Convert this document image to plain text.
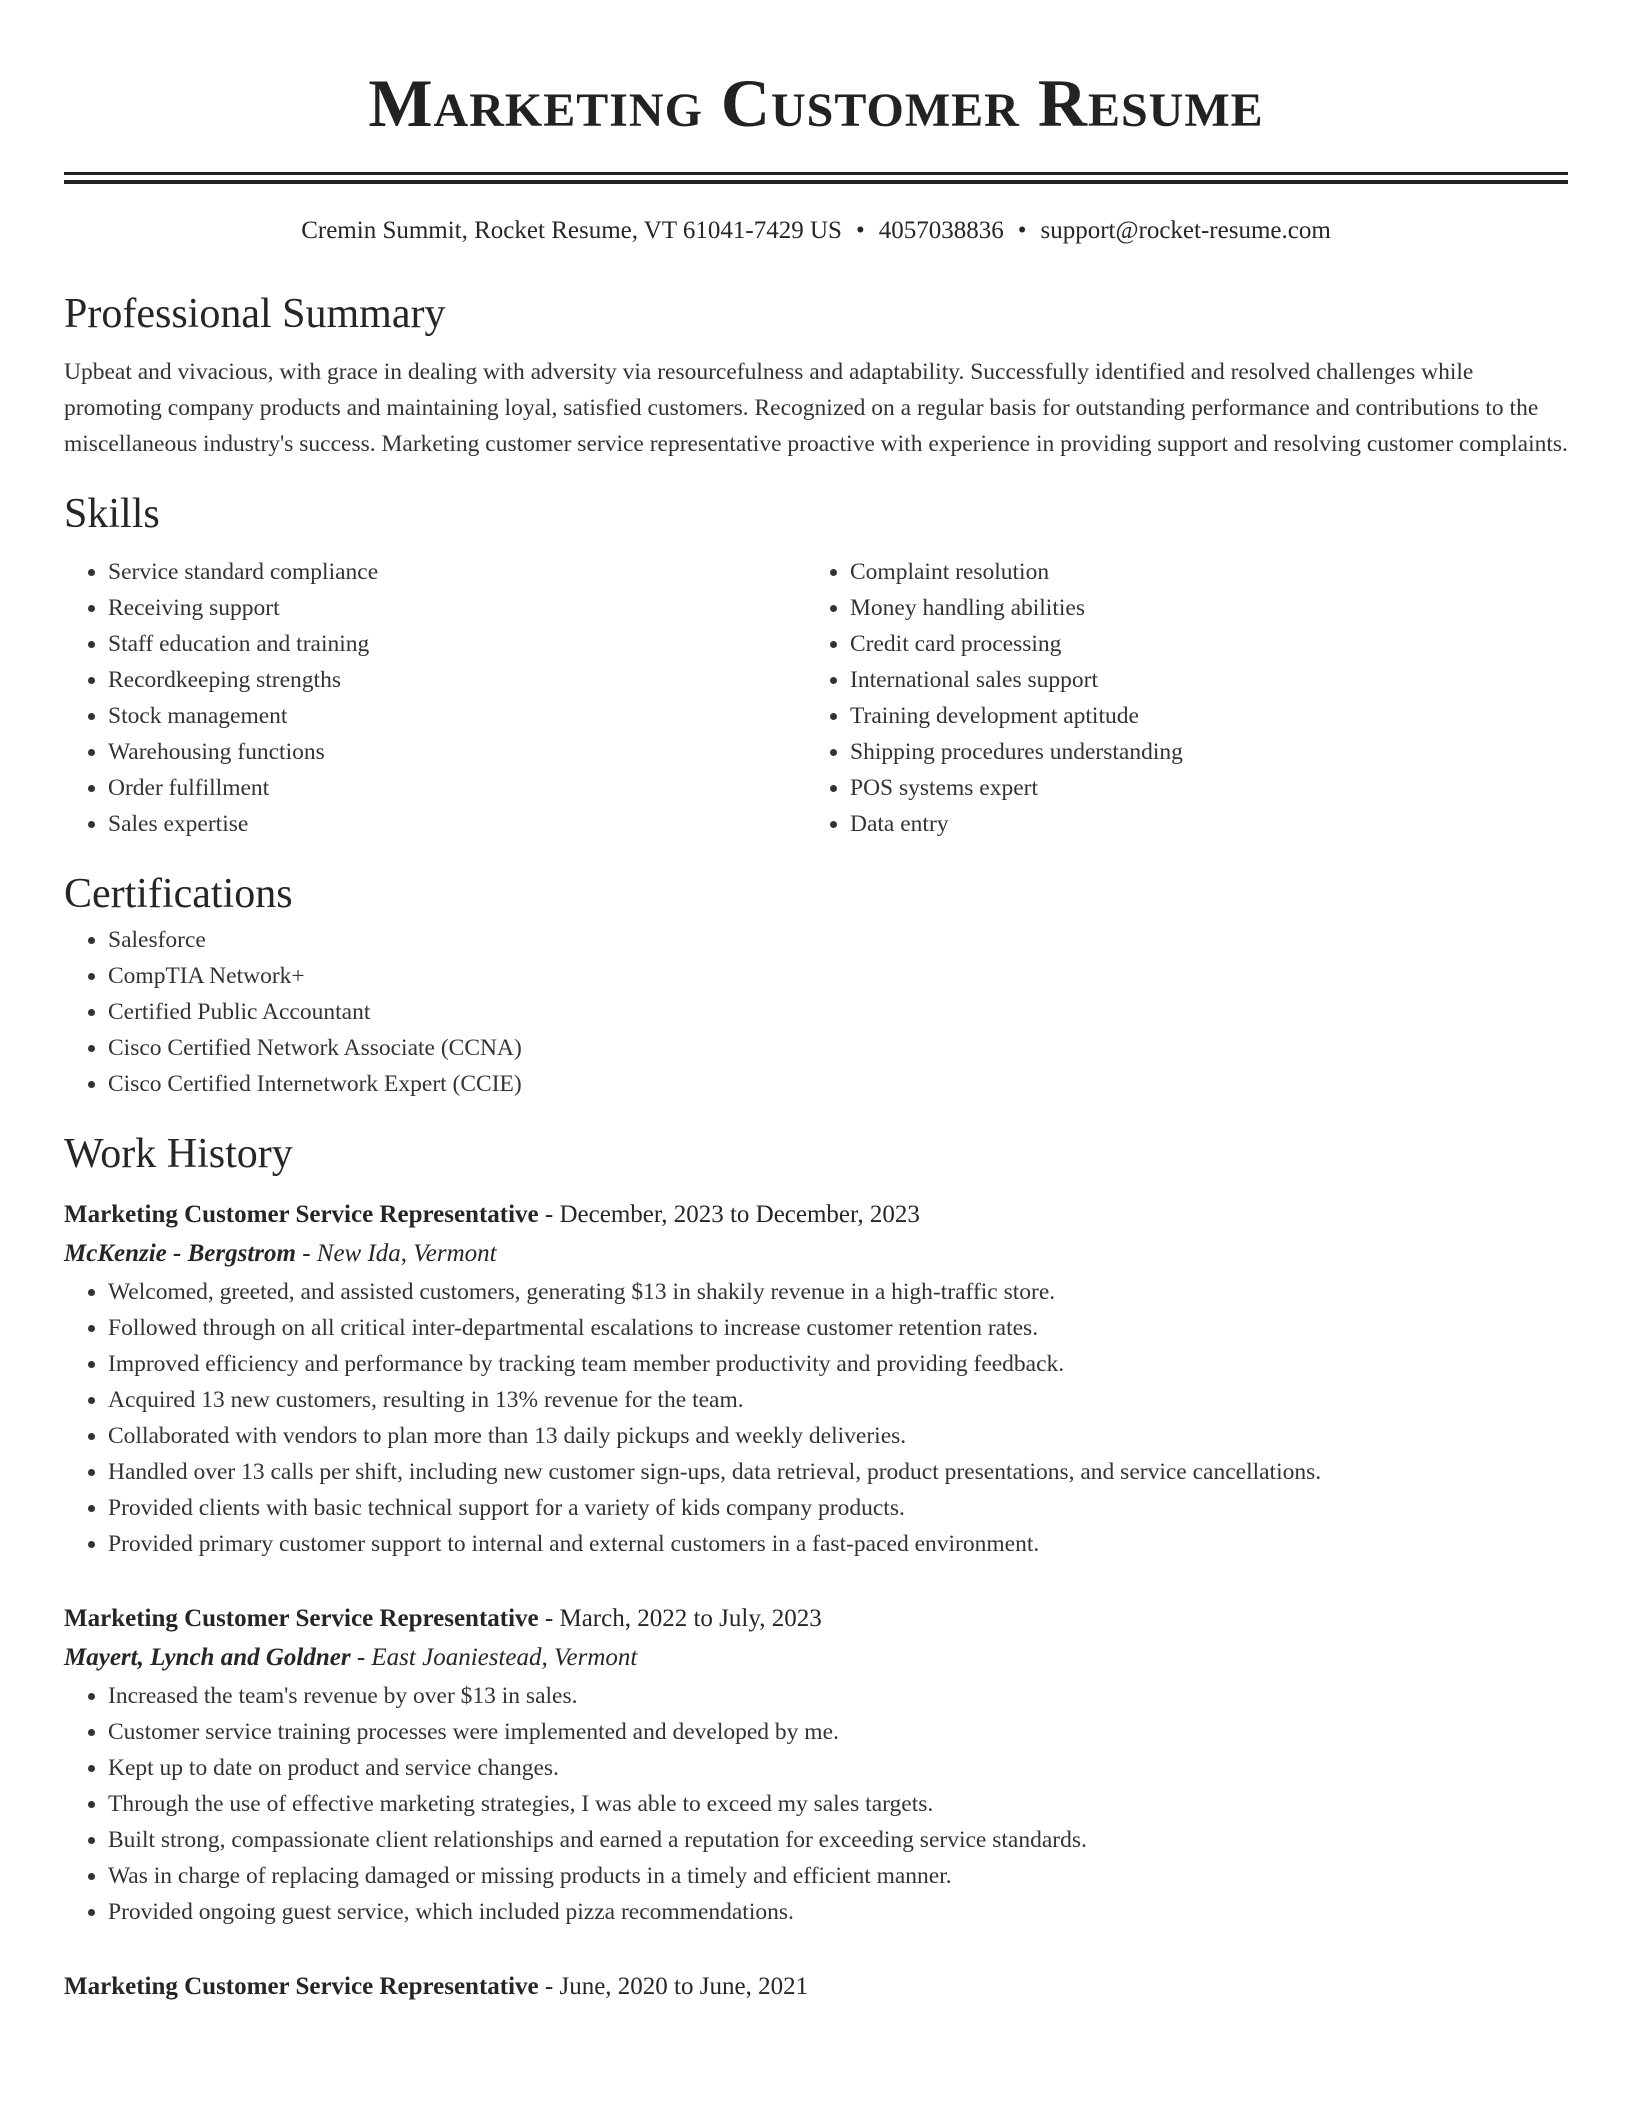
Marketing Customer Resume
Cremin Summit, Rocket Resume, VT 61041-7429 US • 4057038836 • support@rocket-resume.com
Professional Summary
Upbeat and vivacious, with grace in dealing with adversity via resourcefulness and adaptability. Successfully identified and resolved challenges while promoting company products and maintaining loyal, satisfied customers. Recognized on a regular basis for outstanding performance and contributions to the miscellaneous industry's success. Marketing customer service representative proactive with experience in providing support and resolving customer complaints.
Skills
• Service standard compliance
• Receiving support
• Staff education and training
• Recordkeeping strengths
• Stock management
• Warehousing functions
• Order fulfillment
• Sales expertise
• Complaint resolution
• Money handling abilities
• Credit card processing
• International sales support
• Training development aptitude
• Shipping procedures understanding
• POS systems expert
• Data entry
Certifications
• Salesforce
• CompTIA Network+
• Certified Public Accountant
• Cisco Certified Network Associate (CCNA)
• Cisco Certified Internetwork Expert (CCIE)
Work History
Marketing Customer Service Representative - December, 2023 to December, 2023
McKenzie - Bergstrom - New Ida, Vermont
• Welcomed, greeted, and assisted customers, generating $13 in shakily revenue in a high-traffic store.
• Followed through on all critical inter-departmental escalations to increase customer retention rates.
• Improved efficiency and performance by tracking team member productivity and providing feedback.
• Acquired 13 new customers, resulting in 13% revenue for the team.
• Collaborated with vendors to plan more than 13 daily pickups and weekly deliveries.
• Handled over 13 calls per shift, including new customer sign-ups, data retrieval, product presentations, and service cancellations.
• Provided clients with basic technical support for a variety of kids company products.
• Provided primary customer support to internal and external customers in a fast-paced environment.
Marketing Customer Service Representative - March, 2022 to July, 2023
Mayert, Lynch and Goldner - East Joaniestead, Vermont
• Increased the team's revenue by over $13 in sales.
• Customer service training processes were implemented and developed by me.
• Kept up to date on product and service changes.
• Through the use of effective marketing strategies, I was able to exceed my sales targets.
• Built strong, compassionate client relationships and earned a reputation for exceeding service standards.
• Was in charge of replacing damaged or missing products in a timely and efficient manner.
• Provided ongoing guest service, which included pizza recommendations.
Marketing Customer Service Representative - June, 2020 to June, 2021
